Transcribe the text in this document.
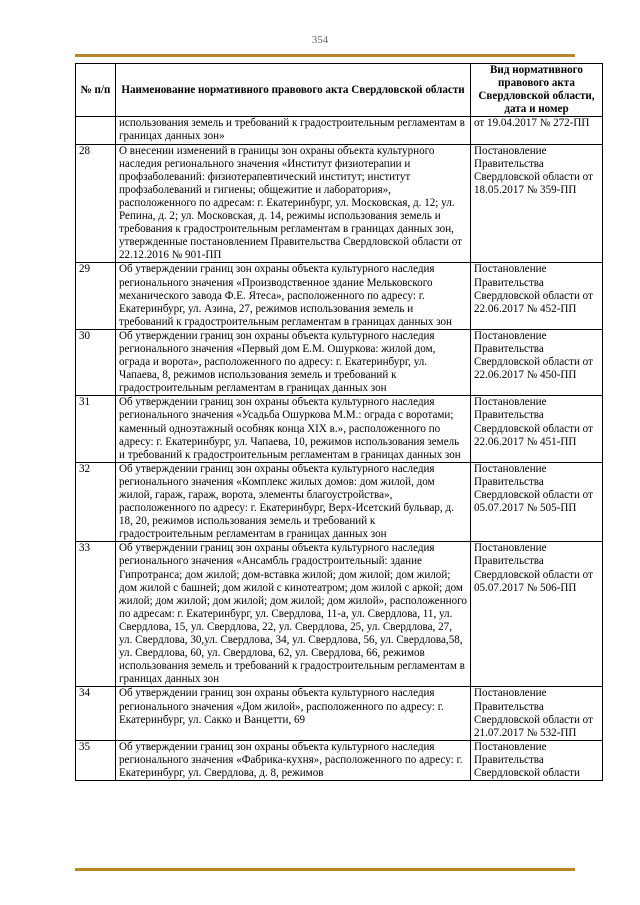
354
№ п/п	Наименование нормативного правового акта Свердловской области	Вид нормативного правового акта Свердловской области, дата и номер
	использования земель и требований к градостроительным регламентам в границах данных зон»	от 19.04.2017 № 272-ПП
28	О внесении изменений в границы зон охраны объекта культурного наследия регионального значения «Институт физиотерапии и профзаболеваний: физиотерапевтический институт; институт профзаболеваний и гигиены; общежитие и лаборатория», расположенного по адресам: г. Екатеринбург, ул. Московская, д. 12; ул. Репина, д. 2; ул. Московская, д. 14, режимы использования земель и требования к градостроительным регламентам в границах данных зон, утвержденные постановлением Правительства Свердловской области от 22.12.2016 № 901-ПП	Постановление Правительства Свердловской области от 18.05.2017 № 359-ПП
29	Об утверждении границ зон охраны объекта культурного наследия регионального значения «Производственное здание Мельковского механического завода Ф.Е. Ятеса», расположенного по адресу: г. Екатеринбург, ул. Азина, 27, режимов использования земель и требований к градостроительным регламентам в границах данных зон	Постановление Правительства Свердловской области от 22.06.2017 № 452-ПП
30	Об утверждении границ зон охраны объекта культурного наследия регионального значения «Первый дом Е.М. Ошуркова: жилой дом, ограда и ворота», расположенного по адресу: г. Екатеринбург, ул. Чапаева, 8, режимов использования земель и требований к градостроительным регламентам в границах данных зон	Постановление Правительства Свердловской области от 22.06.2017 № 450-ПП
31	Об утверждении границ зон охраны объекта культурного наследия регионального значения «Усадьба Ошуркова М.М.: ограда с воротами; каменный одноэтажный особняк конца XIX в.», расположенного по адресу: г. Екатеринбург, ул. Чапаева, 10, режимов использования земель и требований к градостроительным регламентам в границах данных зон	Постановление Правительства Свердловской области от 22.06.2017 № 451-ПП
32	Об утверждении границ зон охраны объекта культурного наследия регионального значения «Комплекс жилых домов: дом жилой, дом жилой, гараж, гараж, ворота, элементы благоустройства», расположенного по адресу: г. Екатеринбург, Верх-Исетский бульвар, д. 18, 20, режимов использования земель и требований к градостроительным регламентам в границах данных зон	Постановление Правительства Свердловской области от 05.07.2017 № 505-ПП
33	Об утверждении границ зон охраны объекта культурного наследия регионального значения «Ансамбль градостроительный: здание Гипротранса; дом жилой; дом-вставка жилой; дом жилой; дом жилой; дом жилой с башней; дом жилой с кинотеатром; дом жилой с аркой; дом жилой; дом жилой; дом жилой; дом жилой; дом жилой», расположенного по адресам: г. Екатеринбург, ул. Свердлова, 11-а, ул. Свердлова, 11, ул. Свердлова, 15, ул. Свердлова, 22, ул. Свердлова, 25, ул. Свердлова, 27, ул. Свердлова, 30,ул. Свердлова, 34, ул. Свердлова, 56, ул. Свердлова,58, ул. Свердлова, 60, ул. Свердлова, 62, ул. Свердлова, 66, режимов использования земель и требований к градостроительным регламентам в границах данных зон	Постановление Правительства Свердловской области от 05.07.2017 № 506-ПП
34	Об утверждении границ зон охраны объекта культурного наследия регионального значения «Дом жилой», расположенного по адресу: г. Екатеринбург, ул. Сакко и Ванцетти, 69	Постановление Правительства Свердловской области от 21.07.2017 № 532-ПП
35	Об утверждении границ зон охраны объекта культурного наследия регионального значения «Фабрика-кухня», расположенного по адресу: г. Екатеринбург, ул. Свердлова, д. 8, режимов	Постановление Правительства Свердловской области
